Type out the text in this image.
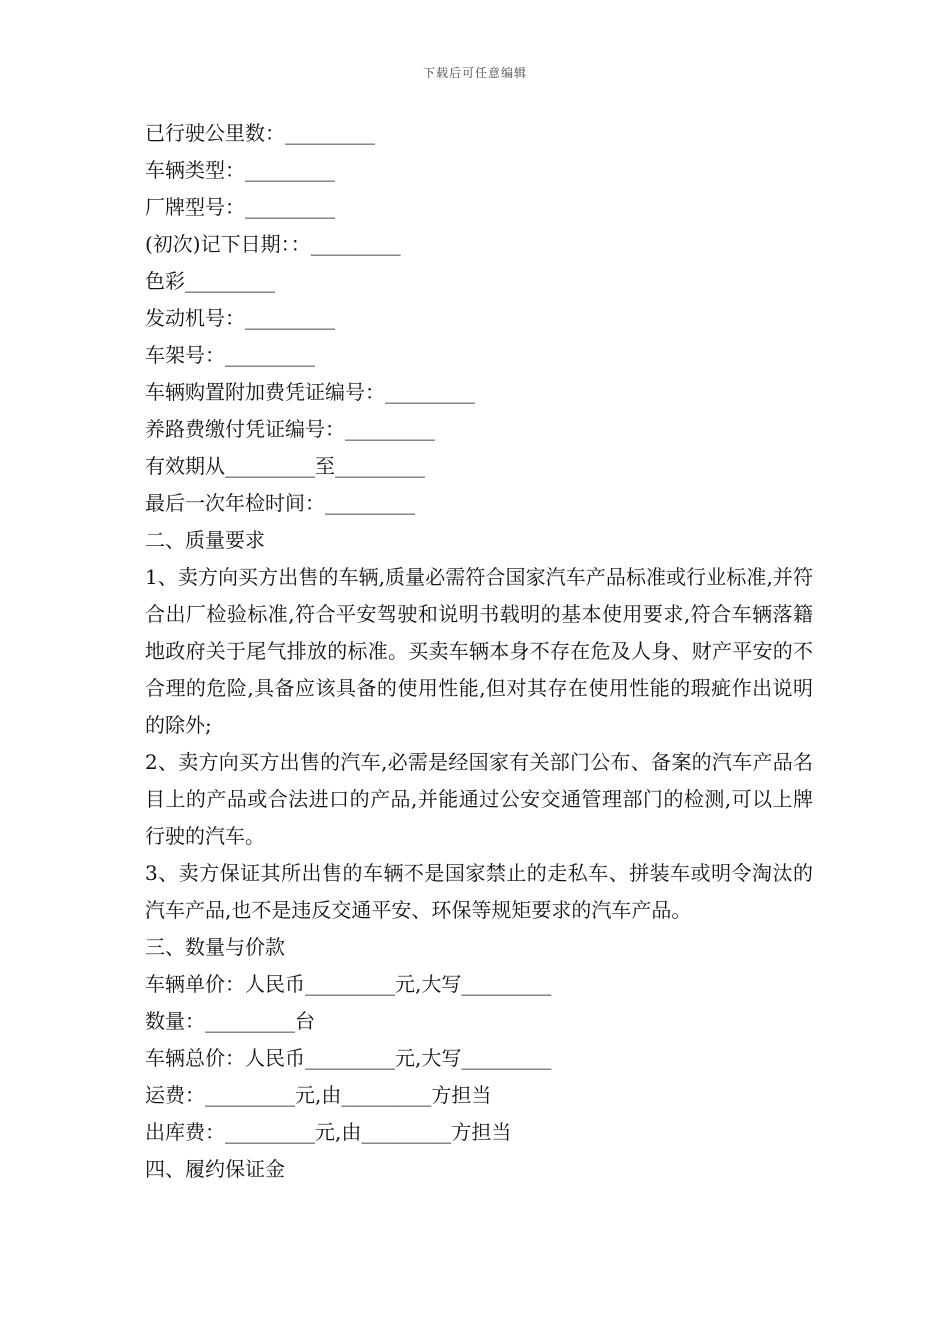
下载后可任意编辑
已行驶公里数：_________
车辆类型：_________
厂牌型号：_________
(初次)记下日期：：_________
色彩_________
发动机号：_________
车架号：_________
车辆购置附加费凭证编号：_________
养路费缴付凭证编号：_________
有效期从_________至_________
最后一次年检时间：_________
二、质量要求
1、卖方向买方出售的车辆,质量必需符合国家汽车产品标准或行业标准,并符合出厂检验标准,符合平安驾驶和说明书载明的基本使用要求,符合车辆落籍地政府关于尾气排放的标准。买卖车辆本身不存在危及人身、财产平安的不合理的危险,具备应该具备的使用性能,但对其存在使用性能的瑕疵作出说明的除外;
2、卖方向买方出售的汽车,必需是经国家有关部门公布、备案的汽车产品名目上的产品或合法进口的产品,并能通过公安交通管理部门的检测,可以上牌行驶的汽车。
3、卖方保证其所出售的车辆不是国家禁止的走私车、拼装车或明令淘汰的汽车产品,也不是违反交通平安、环保等规矩要求的汽车产品。
三、数量与价款
车辆单价：人民币_________元,大写_________
数量：_________台
车辆总价：人民币_________元,大写_________
运费：_________元,由_________方担当
出库费：_________元,由_________方担当
四、履约保证金
